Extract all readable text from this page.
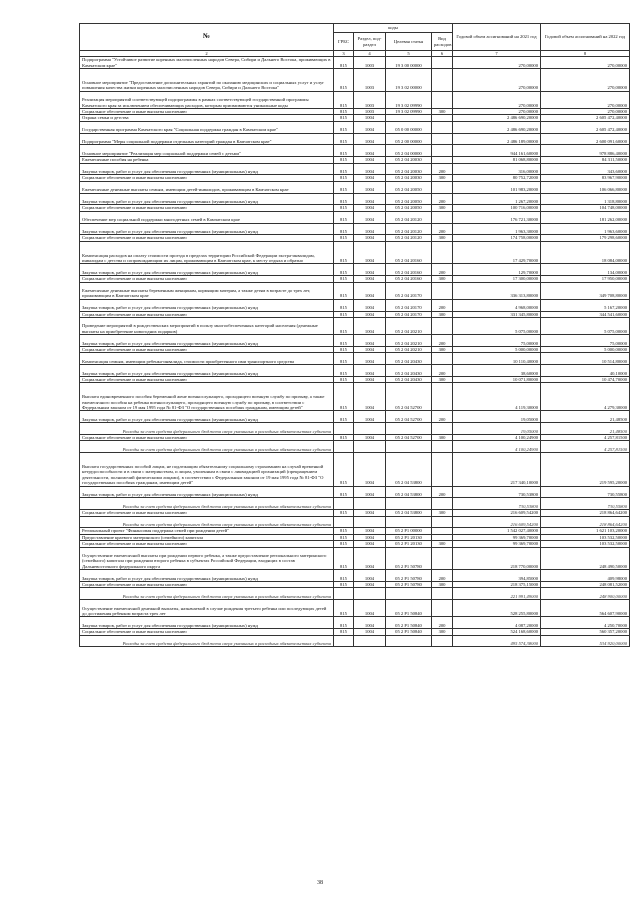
№	коды				Годовой объем ассигнований на 2021 год	Годовой объем ассигнований на 2022 год
	ГРБС	Раздел, под-раздел	Целевая статья	Вид расходов		
2	3	4	5	6	7	8
Подпрограмма "Устойчивое развитие коренных малочисленных народов Севера, Сибири и Дальнего Востока, проживающих в Камчатском крае"	815	1003	19 3 00 00000		270,00000	270,00000
Основное мероприятие "Предоставление дополнительных гарантий по оказанию медицинских и социальных услуг и услуг повышения качества жизни коренных малочисленных народов Севера, Сибири и Дальнего Востока"	815	1003	19 3 02 00000		270,00000	270,00000
Реализация мероприятий соответствующей подпрограммы в рамках соответствующей государственной программы Камчатского края за исключением обеспечивающих расходов, которым присваиваются уникальные коды	815	1003	19 3 02 09990		270,00000	270,00000
Социальное обеспечение и иные выплаты населению	815	1003	19 3 02 09990	300	270,00000	270,00000
Охрана семьи и детства	815	1004			2 486 690,20000	2 605 472,40000
Государственная программа Камчатского края "Социальная поддержка граждан в Камчатском крае"	815	1004	05 0 00 00000		2 486 690,20000	2 605 472,40000
Подпрограмма "Меры социальной поддержки отдельных категорий граждан в Камчатском крае"	815	1004	05 2 00 00000		2 486 189,00000	2 600 091,60000
Основное мероприятие "Реализация мер социальной поддержки семей с детьми"	815	1004	05 2 04 00000		944 161,60000	978 886,40000
Ежемесячные пособия на ребенка	815	1004	05 2 04 20030		81 068,80000	84 311,50000
Закупка товаров, работ и услуг для обеспечения государственных (муниципальных) нужд	815	1004	05 2 04 20030	200	316,00000	343,60000
Социальное обеспечение и иные выплаты населению	815	1004	05 2 04 20030	300	80 752,72000	83 967,90000
Ежемесячные денежные выплаты семьям, имеющим детей-инвалидов, проживающим в Камчатском крае	815	1004	05 2 04 20050		101 983,20000	106 066,80000
Закупка товаров, работ и услуг для обеспечения государственных (муниципальных) нужд	815	1004	05 2 04 20050	200	1 267,20000	1 318,80000
Социальное обеспечение и иные выплаты населению	815	1004	05 2 04 20050	300	100 716,00000	104 748,00000
Обеспечение мер социальной поддержки многодетных семей в Камчатском крае	815	1004	05 2 04 20120		176 721,30000	181 262,00000
Закупка товаров, работ и услуг для обеспечения государственных (муниципальных) нужд	815	1004	05 2 04 20120	200	1 963,30000	1 963,60000
Социальное обеспечение и иные выплаты населению	815	1004	05 2 04 20120	300	174 758,00000	179 298,60000
Компенсация расходов на оплату стоимости проезда в пределах территории Российской Федерации экстра-инвалидам, инвалидам с детства и сопровождающим их лицам, проживающим в Камчатском крае, к месту отдыха и обратно	815	1004	05 2 04 20160		17 429,70000	18 084,00000
Закупка товаров, работ и услуг для обеспечения государственных (муниципальных) нужд	815	1004	05 2 04 20160	200	129,70000	134,00000
Социальное обеспечение и иные выплаты населению	815	1004	05 2 04 20160	300	17 300,00000	17 950,00000
Ежемесячные денежные выплаты беременным женщинам, кормящим матерям, а также детям в возрасте до трех лет, проживающим в Камчатском крае	815	1004	05 2 04 20170		336 313,80000	349 708,80000
Закупка товаров, работ и услуг для обеспечения государственных (муниципальных) нужд	815	1004	05 2 04 20170	200	4 968,00000	5 167,20000
Социальное обеспечение и иные выплаты населению	815	1004	05 2 04 20170	300	331 345,80000	344 541,60000
Проведение мероприятий в рождественских мероприятий в пользу многообеспеченных категорий населения (денежные выплаты на приобретение новогодних подарков)	815	1004	05 2 04 20210		5 075,00000	5 075,00000
Закупка товаров, работ и услуг для обеспечения государственных (муниципальных) нужд	815	1004	05 2 04 20210	200	75,00000	75,00000
Социальное обеспечение и иные выплаты населению	815	1004	05 2 04 20210	300	5 000,00000	5 000,00000
Компенсация семьям, имеющим ребенка-инвалида, стоимости приобретенного ими транспортного средства	815	1004	05 2 04 20430		10 110,40000	10 514,80000
Закупка товаров, работ и услуг для обеспечения государственных (муниципальных) нужд	815	1004	05 2 04 20430	200	38,60000	40,10000
Социальное обеспечение и иные выплаты населению	815	1004	05 2 04 20430	300	10 071,80000	10 474,70000
Выплата единовременного пособия беременной жене военнослужащего, проходящего военную службу по призыву, а также ежемесячного пособия на ребенка военнослужащего, проходящего военную службу по призыву, в соответствии с Федеральным законом от 19 мая 1995 года № 81-ФЗ "О государственных пособиях гражданам, имеющим детей"	815	1004	05 2 04 52700		4 119,30000	4 279,30000
Закупка товаров, работ и услуг для обеспечения государственных (муниципальных) нужд	815	1004	05 2 04 52700	200	19,05000	21,48500
Расходы за счет средств федерального бюджета сверх указанных в расходных обязательствах субъекта					19,05000	21,48500
Социальное обеспечение и иные выплаты населению	815	1004	05 2 04 52700	300	4 100,24900	4 257,81500
Расходы за счет средств федерального бюджета сверх указанных в расходных обязательствах субъекта					4 100,24900	4 257,81500
Выплата государственных пособий лицам, не подлежащим обязательному социальному страхованию на случай временной нетрудоспособности и в связи с материнством, и лицам, уволенным в связи с ликвидацией организаций (прекращением деятельности, полномочий физическими лицами), в соответствии с Федеральным законом от 19 мая 1995 года № 81-ФЗ "О государственных пособиях гражданам, имеющим детей"	815	1004	05 2 04 53800		217 340,10000	219 595,20000
Закупка товаров, работ и услуг для обеспечения государственных (муниципальных) нужд	815	1004	05 2 04 53800	200	730,53800	730,55800
Расходы за счет средств федерального бюджета сверх указанных в расходных обязательствах субъекта					730,53800	730,55800
Социальное обеспечение и иные выплаты населению	815	1004	05 2 04 53800	300	216 609,54200	218 864,64200
Расходы за счет средств федерального бюджета сверх указанных в расходных обязательствах субъекта					216 609,54200	218 864,64200
Региональный проект "Финансовая поддержка семей при рождении детей"	815	1004	05 2 P1 00000		1 542 027,40000	1 621 103,20000
Предоставление краевого материнского (семейного) капитала	815	1004	05 2 P1 20130		99 369,70000	103 532,50000
Социальное обеспечение и иные выплаты населению	815	1004	05 2 P1 20130	300	99 369,70000	103 532,50000
Осуществление ежемесячной выплаты при рождении первого ребенка, а также предоставление регионального материнского (семейного) капитала при рождении второго ребенка в субъектах Российской Федерации, входящих в состав Дальневосточного федерального округа	815	1004	05 2 P1 50780		218 770,00000	248 490,50000
Закупка товаров, работ и услуг для обеспечения государственных (муниципальных) нужд	815	1004	05 2 P1 50780	200	394,85000	409,98000
Социальное обеспечение и иные выплаты населению	815	1004	05 2 P1 50780	300	218 375,15000	248 081,52000
Расходы за счет средств федерального бюджета сверх указанных в расходных обязательствах субъекта					221 991,49000	248 900,00000
Осуществление ежемесячной денежной выплаты, назначаемой в случае рождения третьего ребенка или последующих детей до достижения ребенком возраста трех лет	815	1004	05 2 P1 50840		528 255,80000	564 607,90000
Закупка товаров, работ и услуг для обеспечения государственных (муниципальных) нужд	815	1004	05 2 P1 50840	200	4 087,20000	4 250,70000
Социальное обеспечение и иные выплаты населению	815	1004	05 2 P1 50840	300	524 168,60000	560 357,20000
Расходы за счет средств федерального бюджета сверх указанных в расходных обязательствах субъекта					495 574,38000	534 920,00000
38
